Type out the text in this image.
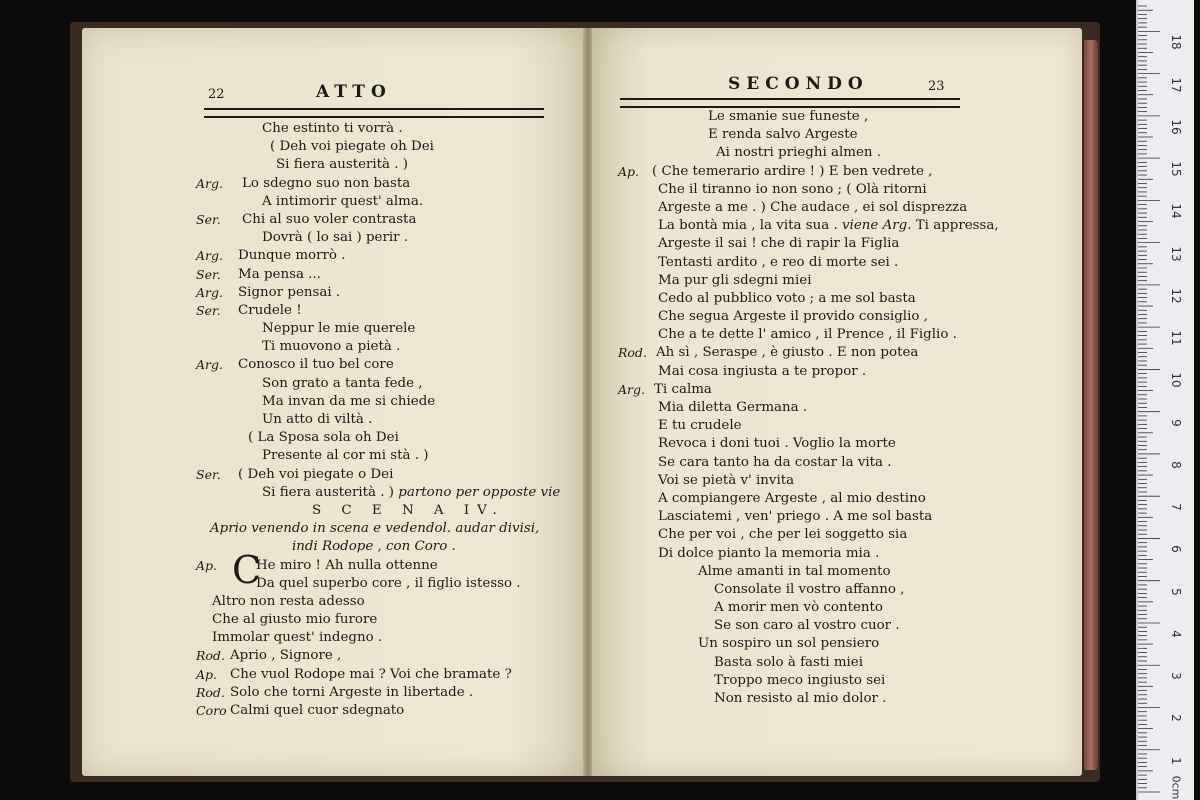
22	ATTO
Che estinto ti vorrà .
( Deh voi piegate oh Dei
Si fiera austerità . )
Arg. Lo sdegno suo non basta
A intimorir quest' alma.
Ser. Chi al suo voler contrasta
Dovrà ( lo sai ) perir .
Arg. Dunque morrò .
Ser. Ma pensa ...
Arg. Signor pensai .
Ser. Crudele !
Neppur le mie querele
Ti muovono a pietà .
Arg. Conosco il tuo bel core
Son grato a tanta fede ,
Ma invan da me si chiede
Un atto di viltà .
( La Sposa sola oh Dei
Presente al cor mi stà . )
Ser. ( Deh voi piegate o Dei
Si fiera austerità . ) partono per opposte vie
S C E N A IV.
Aprio venendo in scena e vedendol. audar divisi,
indi Rodope , con Coro .
Ap. C
He miro ! Ah nulla ottenne
Da quel superbo core , il figlio istesso .
Altro non resta adesso
Che al giusto mio furore
Immolar quest' indegno .
Rod. Aprio , Signore ,
Ap. Che vuol Rodope mai ? Voi che bramate ?
Rod. Solo che torni Argeste in libertade .
Coro Calmi quel cuor sdegnato
SECONDO	23
Le smanie sue funeste ,
E renda salvo Argeste
Ai nostri prieghi almen .
Ap. ( Che temerario ardire ! ) E ben vedrete ,
Che il tiranno io non sono ; ( Olà ritorni
Argeste a me . ) Che audace , ei sol disprezza
La bontà mia , la vita sua . viene Arg. Ti appressa,
Argeste il sai ! che di rapir la Figlia
Tentasti ardito , e reo di morte sei .
Ma pur gli sdegni miei
Cedo al pubblico voto ; a me sol basta
Che segua Argeste il provido consiglio ,
Che a te dette l' amico , il Prence , il Figlio .
Rod. Ah sì , Seraspe , è giusto . E non potea
Mai cosa ingiusta a te propor .
Arg. Ti calma
Mia diletta Germana .
E tu crudele
Revoca i doni tuoi . Voglio la morte
Se cara tanto ha da costar la vita .
Voi se pietà v' invita
A compiangere Argeste , al mio destino
Lasciatemi , ven' priego . A me sol basta
Che per voi , che per lei soggetto sia
Di dolce pianto la memoria mia .
Alme amanti in tal momento
Consolate il vostro affanno ,
A morir men vò contento
Se son caro al vostro cuor .
Un sospiro un sol pensiero
Basta solo à fasti miei
Troppo meco ingiusto sei
Non resisto al mio dolor .
18
17
16
15
14
13
12
11
10
9
8
7
6
5
4
3
2
1
0cm
